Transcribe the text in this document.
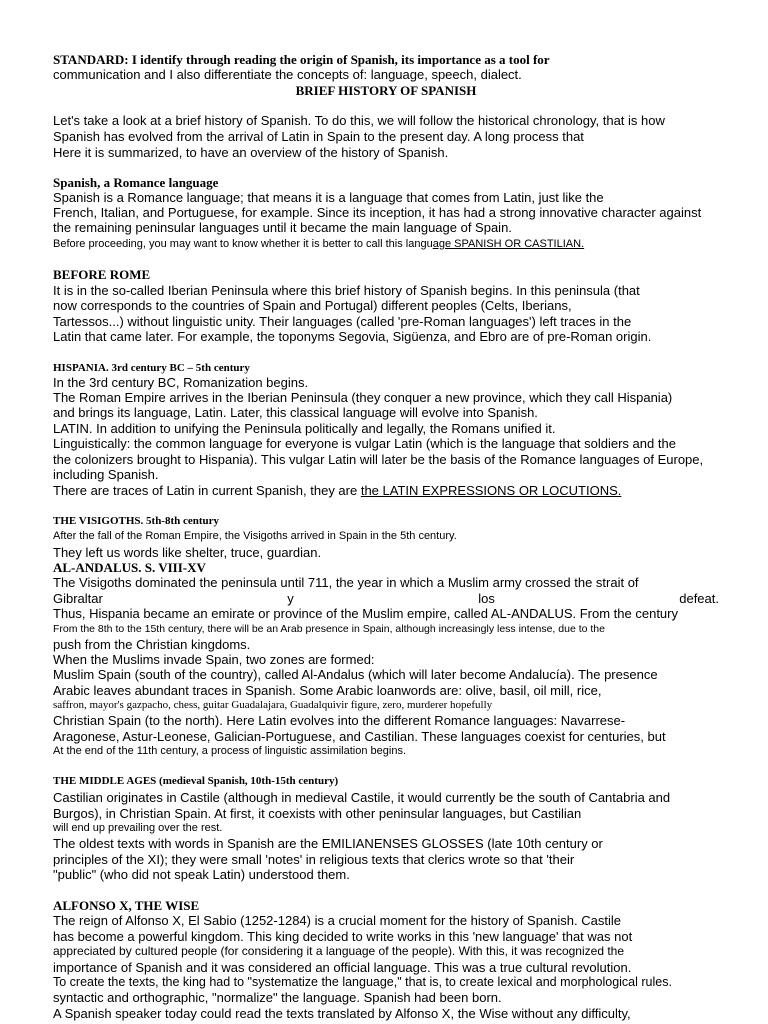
STANDARD: I identify through reading the origin of Spanish, its importance as a tool for
communication and I also differentiate the concepts of: language, speech, dialect.
BRIEF HISTORY OF SPANISH
Let's take a look at a brief history of Spanish. To do this, we will follow the historical chronology, that is how
Spanish has evolved from the arrival of Latin in Spain to the present day. A long process that
Here it is summarized, to have an overview of the history of Spanish.
Spanish, a Romance language
Spanish is a Romance language; that means it is a language that comes from Latin, just like the
French, Italian, and Portuguese, for example. Since its inception, it has had a strong innovative character against
the remaining peninsular languages until it became the main language of Spain.
Before proceeding, you may want to know whether it is better to call this language SPANISH OR CASTILIAN.
BEFORE ROME
It is in the so-called Iberian Peninsula where this brief history of Spanish begins. In this peninsula (that
now corresponds to the countries of Spain and Portugal) different peoples (Celts, Iberians,
Tartessos...) without linguistic unity. Their languages (called 'pre-Roman languages') left traces in the
Latin that came later. For example, the toponyms Segovia, Sigüenza, and Ebro are of pre-Roman origin.
HISPANIA. 3rd century BC – 5th century
In the 3rd century BC, Romanization begins.
The Roman Empire arrives in the Iberian Peninsula (they conquer a new province, which they call Hispania)
and brings its language, Latin. Later, this classical language will evolve into Spanish.
LATIN. In addition to unifying the Peninsula politically and legally, the Romans unified it.
Linguistically: the common language for everyone is vulgar Latin (which is the language that soldiers and the
the colonizers brought to Hispania). This vulgar Latin will later be the basis of the Romance languages of Europe,
including Spanish.
There are traces of Latin in current Spanish, they are the LATIN EXPRESSIONS OR LOCUTIONS.
THE VISIGOTHS. 5th-8th century
After the fall of the Roman Empire, the Visigoths arrived in Spain in the 5th century.
They left us words like shelter, truce, guardian.
AL-ANDALUS. S. VIII-XV
The Visigoths dominated the peninsula until 711, the year in which a Muslim army crossed the strait of
Gibraltar y los defeat.
Thus, Hispania became an emirate or province of the Muslim empire, called AL-ANDALUS. From the century
From the 8th to the 15th century, there will be an Arab presence in Spain, although increasingly less intense, due to the
push from the Christian kingdoms.
When the Muslims invade Spain, two zones are formed:
Muslim Spain (south of the country), called Al-Andalus (which will later become Andalucía). The presence
Arabic leaves abundant traces in Spanish. Some Arabic loanwords are: olive, basil, oil mill, rice,
saffron, mayor's gazpacho, chess, guitar Guadalajara, Guadalquivir figure, zero, murderer hopefully
Christian Spain (to the north). Here Latin evolves into the different Romance languages: Navarrese-
Aragonese, Astur-Leonese, Galician-Portuguese, and Castilian. These languages coexist for centuries, but
At the end of the 11th century, a process of linguistic assimilation begins.
THE MIDDLE AGES (medieval Spanish, 10th-15th century)
Castilian originates in Castile (although in medieval Castile, it would currently be the south of Cantabria and
Burgos), in Christian Spain. At first, it coexists with other peninsular languages, but Castilian
will end up prevailing over the rest.
The oldest texts with words in Spanish are the EMILIANENSES GLOSSES (late 10th century or
principles of the XI); they were small 'notes' in religious texts that clerics wrote so that 'their
"public" (who did not speak Latin) understood them.
ALFONSO X, THE WISE
The reign of Alfonso X, El Sabio (1252-1284) is a crucial moment for the history of Spanish. Castile
has become a powerful kingdom. This king decided to write works in this 'new language' that was not
appreciated by cultured people (for considering it a language of the people). With this, it was recognized the
importance of Spanish and it was considered an official language. This was a true cultural revolution.
To create the texts, the king had to "systematize the language," that is, to create lexical and morphological rules.
syntactic and orthographic, "normalize" the language. Spanish had been born.
A Spanish speaker today could read the texts translated by Alfonso X, the Wise without any difficulty,
